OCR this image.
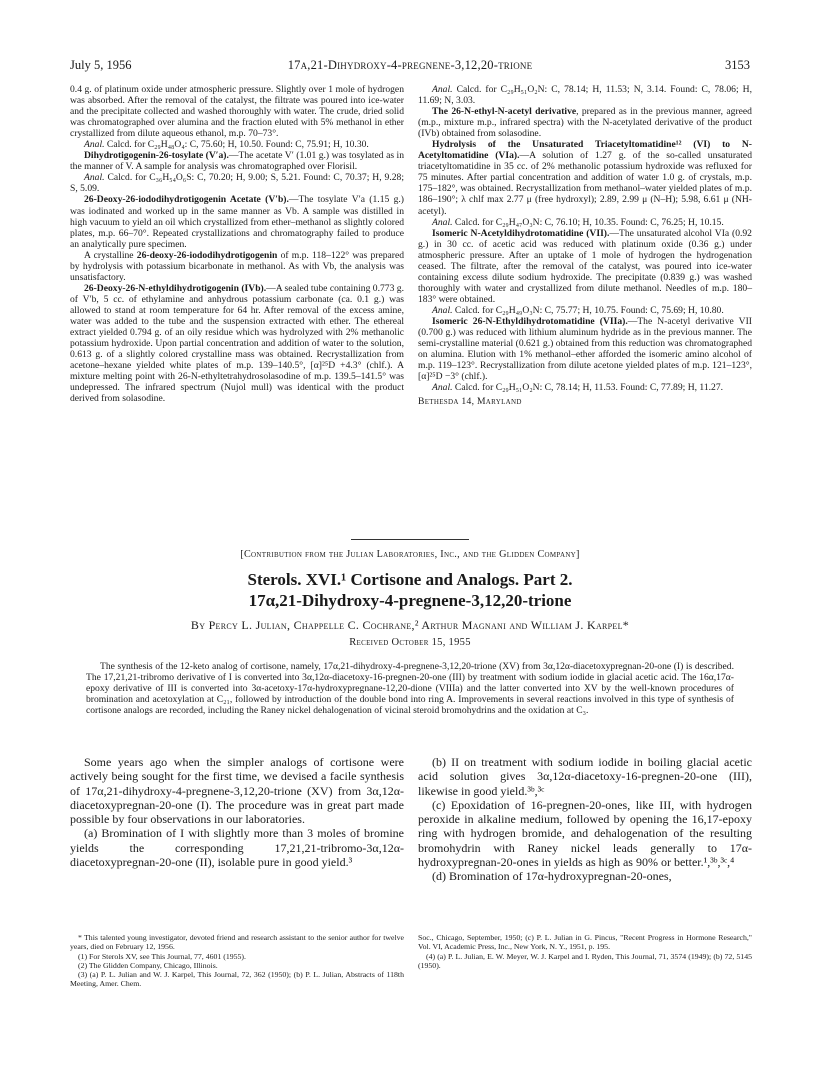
July 5, 1956	17α,21-Dihydroxy-4-pregnene-3,12,20-trione	3153

0.4 g. of platinum oxide under atmospheric pressure. Slightly over 1 mole of hydrogen was absorbed. After the removal of the catalyst, the filtrate was poured into ice-water and the precipitate collected and washed thoroughly with water. The crude, dried solid was chromatographed over alumina and the fraction eluted with 5% methanol in ether crystallized from dilute aqueous ethanol, m.p. 70–73°.

Anal. Calcd. for C₂₉H₄₈O₄: C, 75.60; H, 10.50. Found: C, 75.91; H, 10.30.

Dihydrotigogenin-26-tosylate (V′a).—The acetate V′ (1.01 g.) was tosylated as in the manner of V. A sample for analysis was chromatographed over Florisil.

Anal. Calcd. for C₃₆H₅₄O₆S: C, 70.20; H, 9.00; S, 5.21. Found: C, 70.37; H, 9.28; S, 5.09.

26-Deoxy-26-iododihydrotigogenin Acetate (V′b).—The tosylate V′a (1.15 g.) was iodinated and worked up in the same manner as Vb. A sample was distilled in high vacuum to yield an oil which crystallized from ether–methanol as slightly colored plates, m.p. 66–70°. Repeated crystallizations and chromatography failed to produce an analytically pure specimen.

A crystalline 26-deoxy-26-iododihydrotigogenin of m.p. 118–122° was prepared by hydrolysis with potassium bicarbonate in methanol. As with Vb, the analysis was unsatisfactory.

26-Deoxy-26-N-ethyldihydrotigogenin (IVb).—A sealed tube containing 0.773 g. of V′b, 5 cc. of ethylamine and anhydrous potassium carbonate (ca. 0.1 g.) was allowed to stand at room temperature for 64 hr. After removal of the excess amine, water was added to the tube and the suspension extracted with ether. The ethereal extract yielded 0.794 g. of an oily residue which was hydrolyzed with 2% methanolic potassium hydroxide. Upon partial concentration and addition of water to the solution, 0.613 g. of a slightly colored crystalline mass was obtained. Recrystallization from acetone–hexane yielded white plates of m.p. 139–140.5°, [α]²⁵D +4.3° (chlf.). A mixture melting point with 26-N-ethyltetrahydrosolasodine of m.p. 139.5–141.5° was undepressed. The infrared spectrum (Nujol mull) was identical with the product derived from solasodine.

Anal. Calcd. for C₂₉H₅₁O₂N: C, 78.14; H, 11.53; N, 3.14. Found: C, 78.06; H, 11.69; N, 3.03.

The 26-N-ethyl-N-acetyl derivative, prepared as in the previous manner, agreed (m.p., mixture m.p., infrared spectra) with the N-acetylated derivative of the product (IVb) obtained from solasodine.

Hydrolysis of the Unsaturated Triacetyltomatidine¹² (VI) to N-Acetyltomatidine (VIa).—A solution of 1.27 g. of the so-called unsaturated triacetyltomatidine in 35 cc. of 2% methanolic potassium hydroxide was refluxed for 75 minutes. After partial concentration and addition of water 1.0 g. of crystals, m.p. 175–182°, was obtained. Recrystallization from methanol–water yielded plates of m.p. 186–190°; λ chlf max 2.77 μ (free hydroxyl); 2.89, 2.99 μ (N–H); 5.98, 6.61 μ (NH-acetyl).

Anal. Calcd. for C₂₉H₄₇O₃N: C, 76.10; H, 10.35. Found: C, 76.25; H, 10.15.

Isomeric N-Acetyldihydrotomatidine (VII).—The unsaturated alcohol VIa (0.92 g.) in 30 cc. of acetic acid was reduced with platinum oxide (0.36 g.) under atmospheric pressure. After an uptake of 1 mole of hydrogen the hydrogenation ceased. The filtrate, after the removal of the catalyst, was poured into ice-water containing excess dilute sodium hydroxide. The precipitate (0.839 g.) was washed thoroughly with water and crystallized from dilute methanol. Needles of m.p. 180–183° were obtained.

Anal. Calcd. for C₂₉H₄₉O₃N: C, 75.77; H, 10.75. Found: C, 75.69; H, 10.80.

Isomeric 26-N-Ethyldihydrotomatidine (VIIa).—The N-acetyl derivative VII (0.700 g.) was reduced with lithium aluminum hydride as in the previous manner. The semi-crystalline material (0.621 g.) obtained from this reduction was chromatographed on alumina. Elution with 1% methanol–ether afforded the isomeric amino alcohol of m.p. 119–123°. Recrystallization from dilute acetone yielded plates of m.p. 121–123°, [α]²⁵D −3° (chlf.).

Anal. Calcd. for C₂₉H₅₁O₂N: C, 78.14; H, 11.53. Found: C, 77.89; H, 11.27.

Bethesda 14, Maryland

[Contribution from the Julian Laboratories, Inc., and the Glidden Company]
Sterols. XVI.¹ Cortisone and Analogs. Part 2.
17α,21-Dihydroxy-4-pregnene-3,12,20-trione
By Percy L. Julian, Chappelle C. Cochrane,² Arthur Magnani and William J. Karpel*
Received October 15, 1955
The synthesis of the 12-keto analog of cortisone, namely, 17α,21-dihydroxy-4-pregnene-3,12,20-trione (XV) from 3α,12α-diacetoxypregnan-20-one (I) is described. The 17,21,21-tribromo derivative of I is converted into 3α,12α-diacetoxy-16-pregnen-20-one (III) by treatment with sodium iodide in glacial acetic acid. The 16α,17α-epoxy derivative of III is converted into 3α-acetoxy-17α-hydroxypregnane-12,20-dione (VIIIa) and the latter converted into XV by the well-known procedures of bromination and acetoxylation at C₂₁, followed by introduction of the double bond into ring A. Improvements in several reactions involved in this type of synthesis of cortisone analogs are recorded, including the Raney nickel dehalogenation of vicinal steroid bromohydrins and the oxidation at C₃.

Some years ago when the simpler analogs of cortisone were actively being sought for the first time, we devised a facile synthesis of 17α,21-dihydroxy-4-pregnene-3,12,20-trione (XV) from 3α,12α-diacetoxypregnan-20-one (I). The procedure was in great part made possible by four observations in our laboratories.

(a) Bromination of I with slightly more than 3 moles of bromine yields the corresponding 17,21,21-tribromo-3α,12α-diacetoxypregnan-20-one (II), isolable pure in good yield.³

(b) II on treatment with sodium iodide in boiling glacial acetic acid solution gives 3α,12α-diacetoxy-16-pregnen-20-one (III), likewise in good yield.³ᵇ,³ᶜ

(c) Epoxidation of 16-pregnen-20-ones, like III, with hydrogen peroxide in alkaline medium, followed by opening the 16,17-epoxy ring with hydrogen bromide, and dehalogenation of the resulting bromohydrin with Raney nickel leads generally to 17α-hydroxypregnan-20-ones in yields as high as 90% or better.¹,³ᵇ,³ᶜ,⁴

(d) Bromination of 17α-hydroxypregnan-20-ones,

* This talented young investigator, devoted friend and research assistant to the senior author for twelve years, died on February 12, 1956.

(1) For Sterols XV, see This Journal, 77, 4601 (1955).

(2) The Glidden Company, Chicago, Illinois.

(3) (a) P. L. Julian and W. J. Karpel, This Journal, 72, 362 (1950); (b) P. L. Julian, Abstracts of 118th Meeting, Amer. Chem.

Soc., Chicago, September, 1950; (c) P. L. Julian in G. Pincus, "Recent Progress in Hormone Research," Vol. VI, Academic Press, Inc., New York, N. Y., 1951, p. 195.

(4) (a) P. L. Julian, E. W. Meyer, W. J. Karpel and I. Ryden, This Journal, 71, 3574 (1949); (b) 72, 5145 (1950).
